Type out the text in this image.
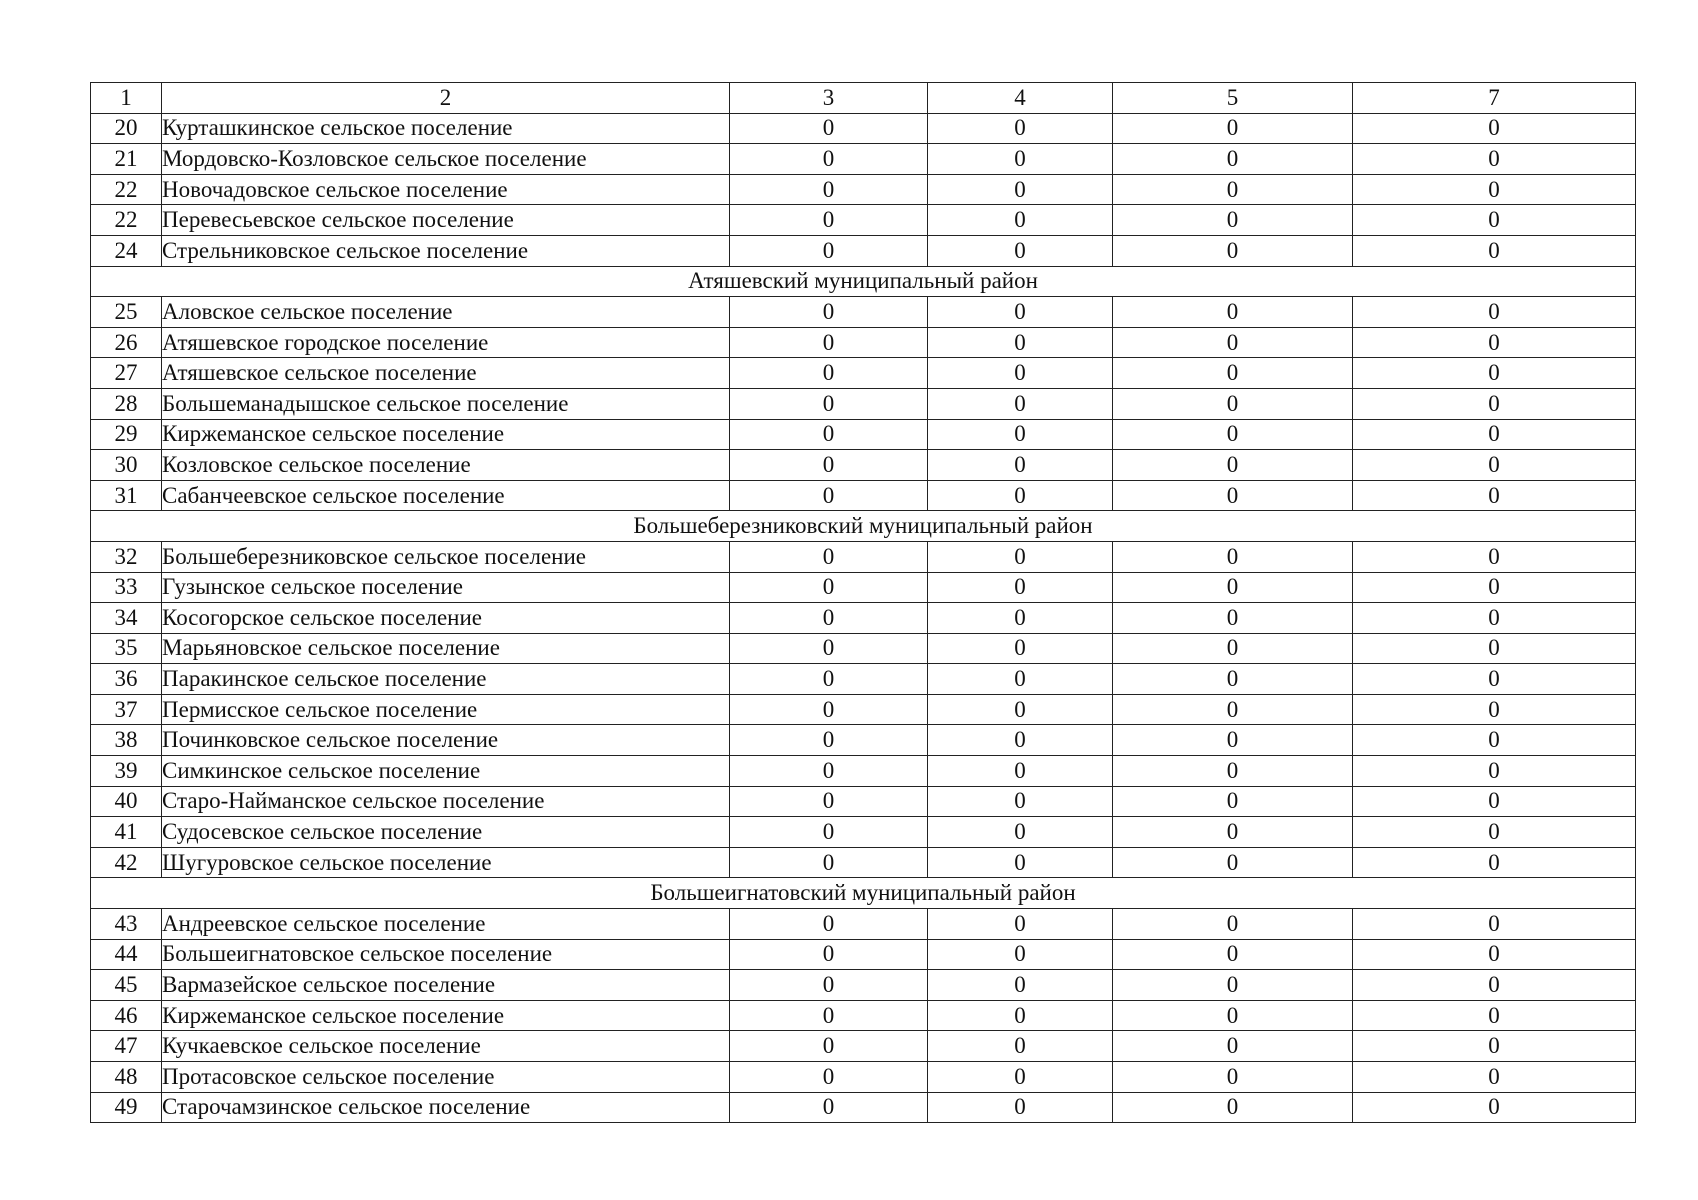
1	2	3	4	5	7
20	Курташкинское сельское поселение	0	0	0	0
21	Мордовско-Козловское сельское поселение	0	0	0	0
22	Новочадовское сельское поселение	0	0	0	0
22	Перевесьевское сельское поселение	0	0	0	0
24	Стрельниковское сельское поселение	0	0	0	0
Атяшевский муниципальный район					
25	Аловское сельское поселение	0	0	0	0
26	Атяшевское городское поселение	0	0	0	0
27	Атяшевское сельское поселение	0	0	0	0
28	Большеманадышское сельское поселение	0	0	0	0
29	Киржеманское сельское поселение	0	0	0	0
30	Козловское сельское поселение	0	0	0	0
31	Сабанчеевское сельское поселение	0	0	0	0
Большеберезниковский муниципальный район					
32	Большеберезниковское сельское поселение	0	0	0	0
33	Гузынское сельское поселение	0	0	0	0
34	Косогорское сельское поселение	0	0	0	0
35	Марьяновское сельское поселение	0	0	0	0
36	Паракинское сельское поселение	0	0	0	0
37	Пермисское сельское поселение	0	0	0	0
38	Починковское сельское поселение	0	0	0	0
39	Симкинское сельское поселение	0	0	0	0
40	Старо-Найманское сельское поселение	0	0	0	0
41	Судосевское сельское поселение	0	0	0	0
42	Шугуровское сельское поселение	0	0	0	0
Большеигнатовский муниципальный район					
43	Андреевское сельское поселение	0	0	0	0
44	Большеигнатовское сельское поселение	0	0	0	0
45	Вармазейское сельское поселение	0	0	0	0
46	Киржеманское сельское поселение	0	0	0	0
47	Кучкаевское сельское поселение	0	0	0	0
48	Протасовское сельское поселение	0	0	0	0
49	Старочамзинское сельское поселение	0	0	0	0
